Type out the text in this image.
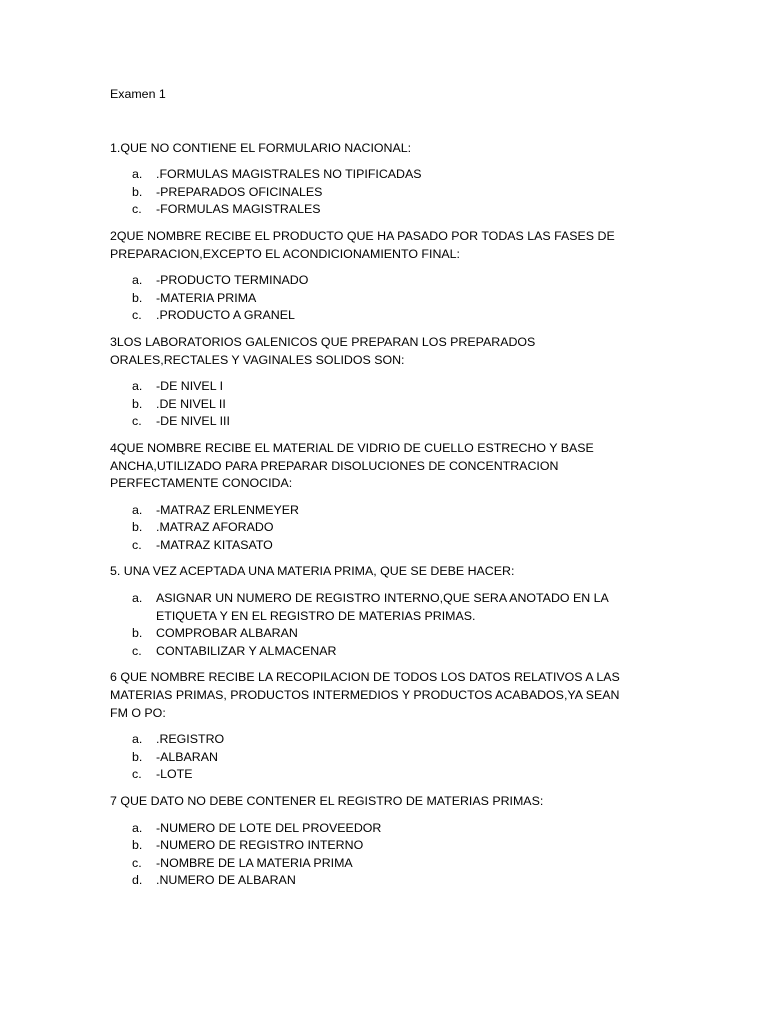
Examen 1
1.QUE NO CONTIENE EL FORMULARIO NACIONAL:
a. .FORMULAS MAGISTRALES NO TIPIFICADAS
b. -PREPARADOS OFICINALES
c. -FORMULAS MAGISTRALES
2QUE NOMBRE RECIBE EL PRODUCTO QUE HA PASADO POR TODAS LAS FASES DE PREPARACION,EXCEPTO EL ACONDICIONAMIENTO FINAL:
a. -PRODUCTO TERMINADO
b. -MATERIA PRIMA
c. .PRODUCTO A GRANEL
3LOS LABORATORIOS GALENICOS QUE PREPARAN LOS PREPARADOS ORALES,RECTALES Y VAGINALES SOLIDOS SON:
a. -DE NIVEL I
b. .DE NIVEL II
c. -DE NIVEL III
4QUE NOMBRE RECIBE EL MATERIAL DE VIDRIO DE CUELLO ESTRECHO Y BASE ANCHA,UTILIZADO PARA PREPARAR DISOLUCIONES DE CONCENTRACION PERFECTAMENTE CONOCIDA:
a. -MATRAZ ERLENMEYER
b. .MATRAZ AFORADO
c. -MATRAZ KITASATO
5. UNA VEZ ACEPTADA UNA MATERIA PRIMA, QUE SE DEBE HACER:
a. ASIGNAR UN NUMERO DE REGISTRO INTERNO,QUE SERA ANOTADO EN LA ETIQUETA Y EN EL REGISTRO DE MATERIAS PRIMAS.
b. COMPROBAR ALBARAN
c. CONTABILIZAR Y ALMACENAR
6 QUE NOMBRE RECIBE LA RECOPILACION DE TODOS LOS DATOS RELATIVOS A LAS MATERIAS PRIMAS, PRODUCTOS INTERMEDIOS Y PRODUCTOS ACABADOS,YA SEAN FM O PO:
a. .REGISTRO
b. -ALBARAN
c. -LOTE
7 QUE DATO NO DEBE CONTENER EL REGISTRO DE MATERIAS PRIMAS:
a. -NUMERO DE LOTE DEL PROVEEDOR
b. -NUMERO DE REGISTRO INTERNO
c. -NOMBRE DE LA MATERIA PRIMA
d. .NUMERO DE ALBARAN
